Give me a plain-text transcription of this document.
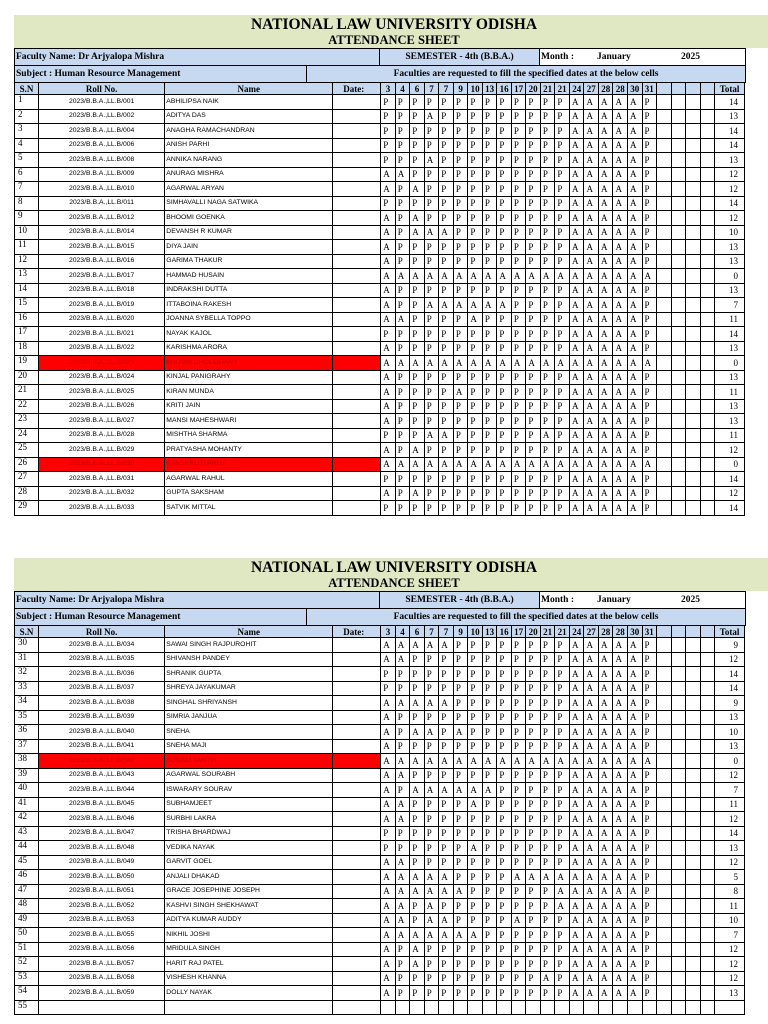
NATIONAL LAW UNIVERSITY ODISHA
ATTENDANCE SHEET
Faculty Name: Dr Arjyalopa Mishra	SEMESTER - 4th (B.B.A.)	Month : January	2025
Subject : Human Resource Management	Faculties are requested to fill the specified dates at the below cells
S.N	Roll No.	Name	Date:	3	4	6	7	7	9	10	13	16	17	20	21	21	24	27	28	28	30	31					Total
1	2023/B.B.A.,LL.B/001	ABHILIPSA NAIK		P	P	P	P	P	P	P	P	P	P	P	P	P	A	A	A	A	A	P					14
2	2023/B.B.A.,LL.B/002	ADITYA DAS		P	P	P	A	P	P	P	P	P	P	P	P	P	A	A	A	A	A	P					13
3	2023/B.B.A.,LL.B/004	ANAGHA RAMACHANDRAN		P	P	P	P	P	P	P	P	P	P	P	P	P	A	A	A	A	A	P					14
4	2023/B.B.A.,LL.B/006	ANISH PARHI		P	P	P	P	P	P	P	P	P	P	P	P	P	A	A	A	A	A	P					14
5	2023/B.B.A.,LL.B/008	ANNIKA NARANG		P	P	P	A	P	P	P	P	P	P	P	P	P	A	A	A	A	A	P					13
6	2023/B.B.A.,LL.B/009	ANURAG MISHRA		A	A	P	P	P	P	P	P	P	P	P	P	P	A	A	A	A	A	P					12
7	2023/B.B.A.,LL.B/010	AGARWAL ARYAN		A	P	A	P	P	P	P	P	P	P	P	P	P	A	A	A	A	A	P					12
8	2023/B.B.A.,LL.B/011	SIMHAVALLI NAGA SATWIKA		P	P	P	P	P	P	P	P	P	P	P	P	P	A	A	A	A	A	P					14
9	2023/B.B.A.,LL.B/012	BHOOMI GOENKA		A	P	A	P	P	P	P	P	P	P	P	P	P	A	A	A	A	A	P					12
10	2023/B.B.A.,LL.B/014	DEVANSH R KUMAR		A	P	A	A	A	P	P	P	P	P	P	P	P	A	A	A	A	A	P					10
11	2023/B.B.A.,LL.B/015	DIYA JAIN		A	P	P	P	P	P	P	P	P	P	P	P	P	A	A	A	A	A	P					13
12	2023/B.B.A.,LL.B/016	GARIMA THAKUR		A	P	P	P	P	P	P	P	P	P	P	P	P	A	A	A	A	A	P					13
13	2023/B.B.A.,LL.B/017	HAMMAD HUSAIN		A	A	A	A	A	A	A	A	A	A	A	A	A	A	A	A	A	A	A					0
14	2023/B.B.A.,LL.B/018	INDRAKSHI DUTTA		A	P	P	P	P	P	P	P	P	P	P	P	P	A	A	A	A	A	P					13
15	2023/B.B.A.,LL.B/019	ITTABOINA RAKESH		A	P	P	A	A	A	A	A	A	P	P	P	P	A	A	A	A	A	P					7
16	2023/B.B.A.,LL.B/020	JOANNA SYBELLA TOPPO		A	A	P	P	P	P	A	P	P	P	P	P	P	A	A	A	A	A	P					11
17	2023/B.B.A.,LL.B/021	NAYAK KAJOL		P	P	P	P	P	P	P	P	P	P	P	P	P	A	A	A	A	A	P					14
18	2023/B.B.A.,LL.B/022	KARISHMA ARORA		A	P	P	P	P	P	P	P	P	P	P	P	P	A	A	A	A	A	P					13
19	2023/B.B.A.,LL.B/023	KHUSHI CHOUDHARY		A	A	A	A	A	A	A	A	A	A	A	A	A	A	A	A	A	A	A					0
20	2023/B.B.A.,LL.B/024	KINJAL PANIGRAHY		A	P	P	P	P	P	P	P	P	P	P	P	P	A	A	A	A	A	P					13
21	2023/B.B.A.,LL.B/025	KIRAN MUNDA		A	P	P	P	P	A	P	P	P	P	P	P	P	A	A	A	A	A	P					11
22	2023/B.B.A.,LL.B/026	KRITI JAIN		A	P	P	P	P	P	P	P	P	P	P	P	P	A	A	A	A	A	P					13
23	2023/B.B.A.,LL.B/027	MANSI MAHESHWARI		A	P	P	P	P	P	P	P	P	P	P	P	P	A	A	A	A	A	P					13
24	2023/B.B.A.,LL.B/028	MISHTHA SHARMA		P	P	P	A	A	P	P	P	P	P	P	A	P	A	A	A	A	A	P					11
25	2023/B.B.A.,LL.B/029	PRATYASHA MOHANTY		A	P	A	P	P	P	P	P	P	P	P	P	P	A	A	A	A	A	P					12
26	2023/B.B.A.,LL.B/030	SANSKRUTI PRIYA		A	A	A	A	A	A	A	A	A	A	A	A	A	A	A	A	A	A	A					0
27	2023/B.B.A.,LL.B/031	AGARWAL RAHUL		P	P	P	P	P	P	P	P	P	P	P	P	P	A	A	A	A	A	P					14
28	2023/B.B.A.,LL.B/032	GUPTA SAKSHAM		A	P	A	P	P	P	P	P	P	P	P	P	P	A	A	A	A	A	P					12
29	2023/B.B.A.,LL.B/033	SATVIK MITTAL		P	P	P	P	P	P	P	P	P	P	P	P	P	A	A	A	A	A	P					14
NATIONAL LAW UNIVERSITY ODISHA
ATTENDANCE SHEET
Faculty Name: Dr Arjyalopa Mishra	SEMESTER - 4th (B.B.A.)	Month : January	2025
Subject : Human Resource Management	Faculties are requested to fill the specified dates at the below cells
S.N	Roll No.	Name	Date:	3	4	6	7	7	9	10	13	16	17	20	21	21	24	27	28	28	30	31					Total
30	2023/B.B.A.,LL.B/034	SAWAI SINGH RAJPUROHIT		A	A	A	A	A	P	P	P	P	P	P	P	P	A	A	A	A	A	P					9
31	2023/B.B.A.,LL.B/035	SHIVANSH PANDEY		A	A	P	P	P	P	P	P	P	P	P	P	P	A	A	A	A	A	P					12
32	2023/B.B.A.,LL.B/036	SHRANIK GUPTA		P	P	P	P	P	P	P	P	P	P	P	P	P	A	A	A	A	A	P					14
33	2023/B.B.A.,LL.B/037	SHREYA JAYAKUMAR		P	P	P	P	P	P	P	P	P	P	P	P	P	A	A	A	A	A	P					14
34	2023/B.B.A.,LL.B/038	SINGHAL SHRIYANSH		A	A	A	A	A	P	P	P	P	P	P	P	P	A	A	A	A	A	P					9
35	2023/B.B.A.,LL.B/039	SIMRIA JANJUA		A	P	P	P	P	P	P	P	P	P	P	P	P	A	A	A	A	A	P					13
36	2023/B.B.A.,LL.B/040	SNEHA		A	P	A	A	P	A	P	P	P	P	P	P	P	A	A	A	A	A	P					10
37	2023/B.B.A.,LL.B/041	SNEHA MAJI		A	P	P	P	P	P	P	P	P	P	P	P	P	A	A	A	A	A	P					13
38	2023/B.B.A.,LL.B/042	SONALI TANTIA		A	A	A	A	A	A	A	A	A	A	A	A	A	A	A	A	A	A	A					0
39	2023/B.B.A.,LL.B/043	AGARWAL SOURABH		A	A	P	P	P	P	P	P	P	P	P	P	P	A	A	A	A	A	P					12
40	2023/B.B.A.,LL.B/044	ISWARARY SOURAV		A	P	A	A	A	A	A	A	P	P	P	P	P	A	A	A	A	A	P					7
41	2023/B.B.A.,LL.B/045	SUBHAMJEET		A	A	P	P	P	P	A	P	P	P	P	P	P	A	A	A	A	A	P					11
42	2023/B.B.A.,LL.B/046	SURBHI LAKRA		A	A	P	P	P	P	P	P	P	P	P	P	P	A	A	A	A	A	P					12
43	2023/B.B.A.,LL.B/047	TRISHA BHARDWAJ		P	P	P	P	P	P	P	P	P	P	P	P	P	A	A	A	A	A	P					14
44	2023/B.B.A.,LL.B/048	VEDIKA NAYAK		P	P	P	P	P	P	A	P	P	P	P	P	P	A	A	A	A	A	P					13
45	2023/B.B.A.,LL.B/049	GARVIT GOEL		A	A	P	P	P	P	P	P	P	P	P	P	P	A	A	A	A	A	P					12
46	2023/B.B.A.,LL.B/050	ANJALI DHAKAD		A	A	A	A	A	P	P	P	P	A	A	A	A	A	A	A	A	A	P					5
47	2023/B.B.A.,LL.B/051	GRACE JOSEPHINE JOSEPH		A	A	A	A	A	A	P	P	P	P	P	P	A	A	A	A	A	A	P					8
48	2023/B.B.A.,LL.B/052	KASHVI SINGH SHEKHAWAT		A	A	P	A	P	P	P	P	P	P	P	P	A	A	A	A	A	A	P					11
49	2023/B.B.A.,LL.B/053	ADITYA KUMAR AUDDY		A	A	P	A	A	P	P	P	P	A	P	P	P	A	A	A	A	A	P					10
50	2023/B.B.A.,LL.B/055	NIKHIL JOSHI		A	A	A	A	A	A	A	P	P	P	P	P	P	A	A	A	A	A	P					7
51	2023/B.B.A.,LL.B/056	MRIDULA SINGH		A	P	A	P	P	P	P	P	P	P	P	P	P	A	A	A	A	A	P					12
52	2023/B.B.A.,LL.B/057	HARIT RAJ PATEL		A	P	A	P	P	P	P	P	P	P	P	P	P	A	A	A	A	A	P					12
53	2023/B.B.A.,LL.B/058	VISHESH KHANNA		A	P	P	P	P	P	P	P	P	P	P	A	P	A	A	A	A	A	P					12
54	2023/B.B.A.,LL.B/059	DOLLY NAYAK		A	P	P	P	P	P	P	P	P	P	P	P	P	A	A	A	A	A	P					13
55																											
